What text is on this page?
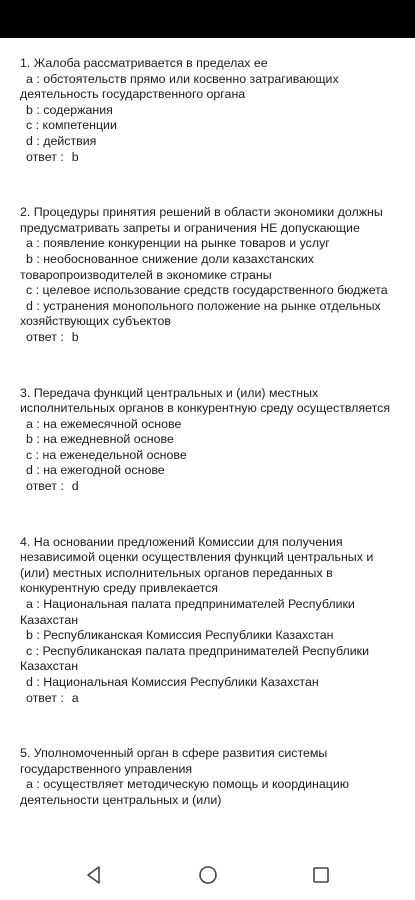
1. Жалоба рассматривается в пределах ее

a : обстоятельств прямо или косвенно затрагивающих деятельность государственного органа

b : содержания

c : компетенции

d : действия

ответ : b

2. Процедуры принятия решений в области экономики должны предусматривать запреты и ограничения НЕ допускающие

a : появление конкуренции на рынке товаров и услуг

b : необоснованное снижение доли казахстанских товаропроизводителей в экономике страны

c : целевое использование средств государственного бюджета

d : устранения монопольного положение на рынке отдельных хозяйствующих субъектов

ответ : b

3. Передача функций центральных и (или) местных исполнительных органов в конкурентную среду осуществляется

a : на ежемесячной основе

b : на ежедневной основе

c : на еженедельной основе

d : на ежегодной основе

ответ : d

4. На основании предложений Комиссии для получения независимой оценки осуществления функций центральных и (или) местных исполнительных органов переданных в конкурентную среду привлекается

a : Национальная палата предпринимателей Республики Казахстан

b : Республиканская Комиссия Республики Казахстан

c : Республиканская палата предпринимателей Республики Казахстан

d : Национальная Комиссия Республики Казахстан

ответ : a

5. Уполномоченный орган в сфере развития системы государственного управления

a : осуществляет методическую помощь и координацию деятельности центральных и (или)
